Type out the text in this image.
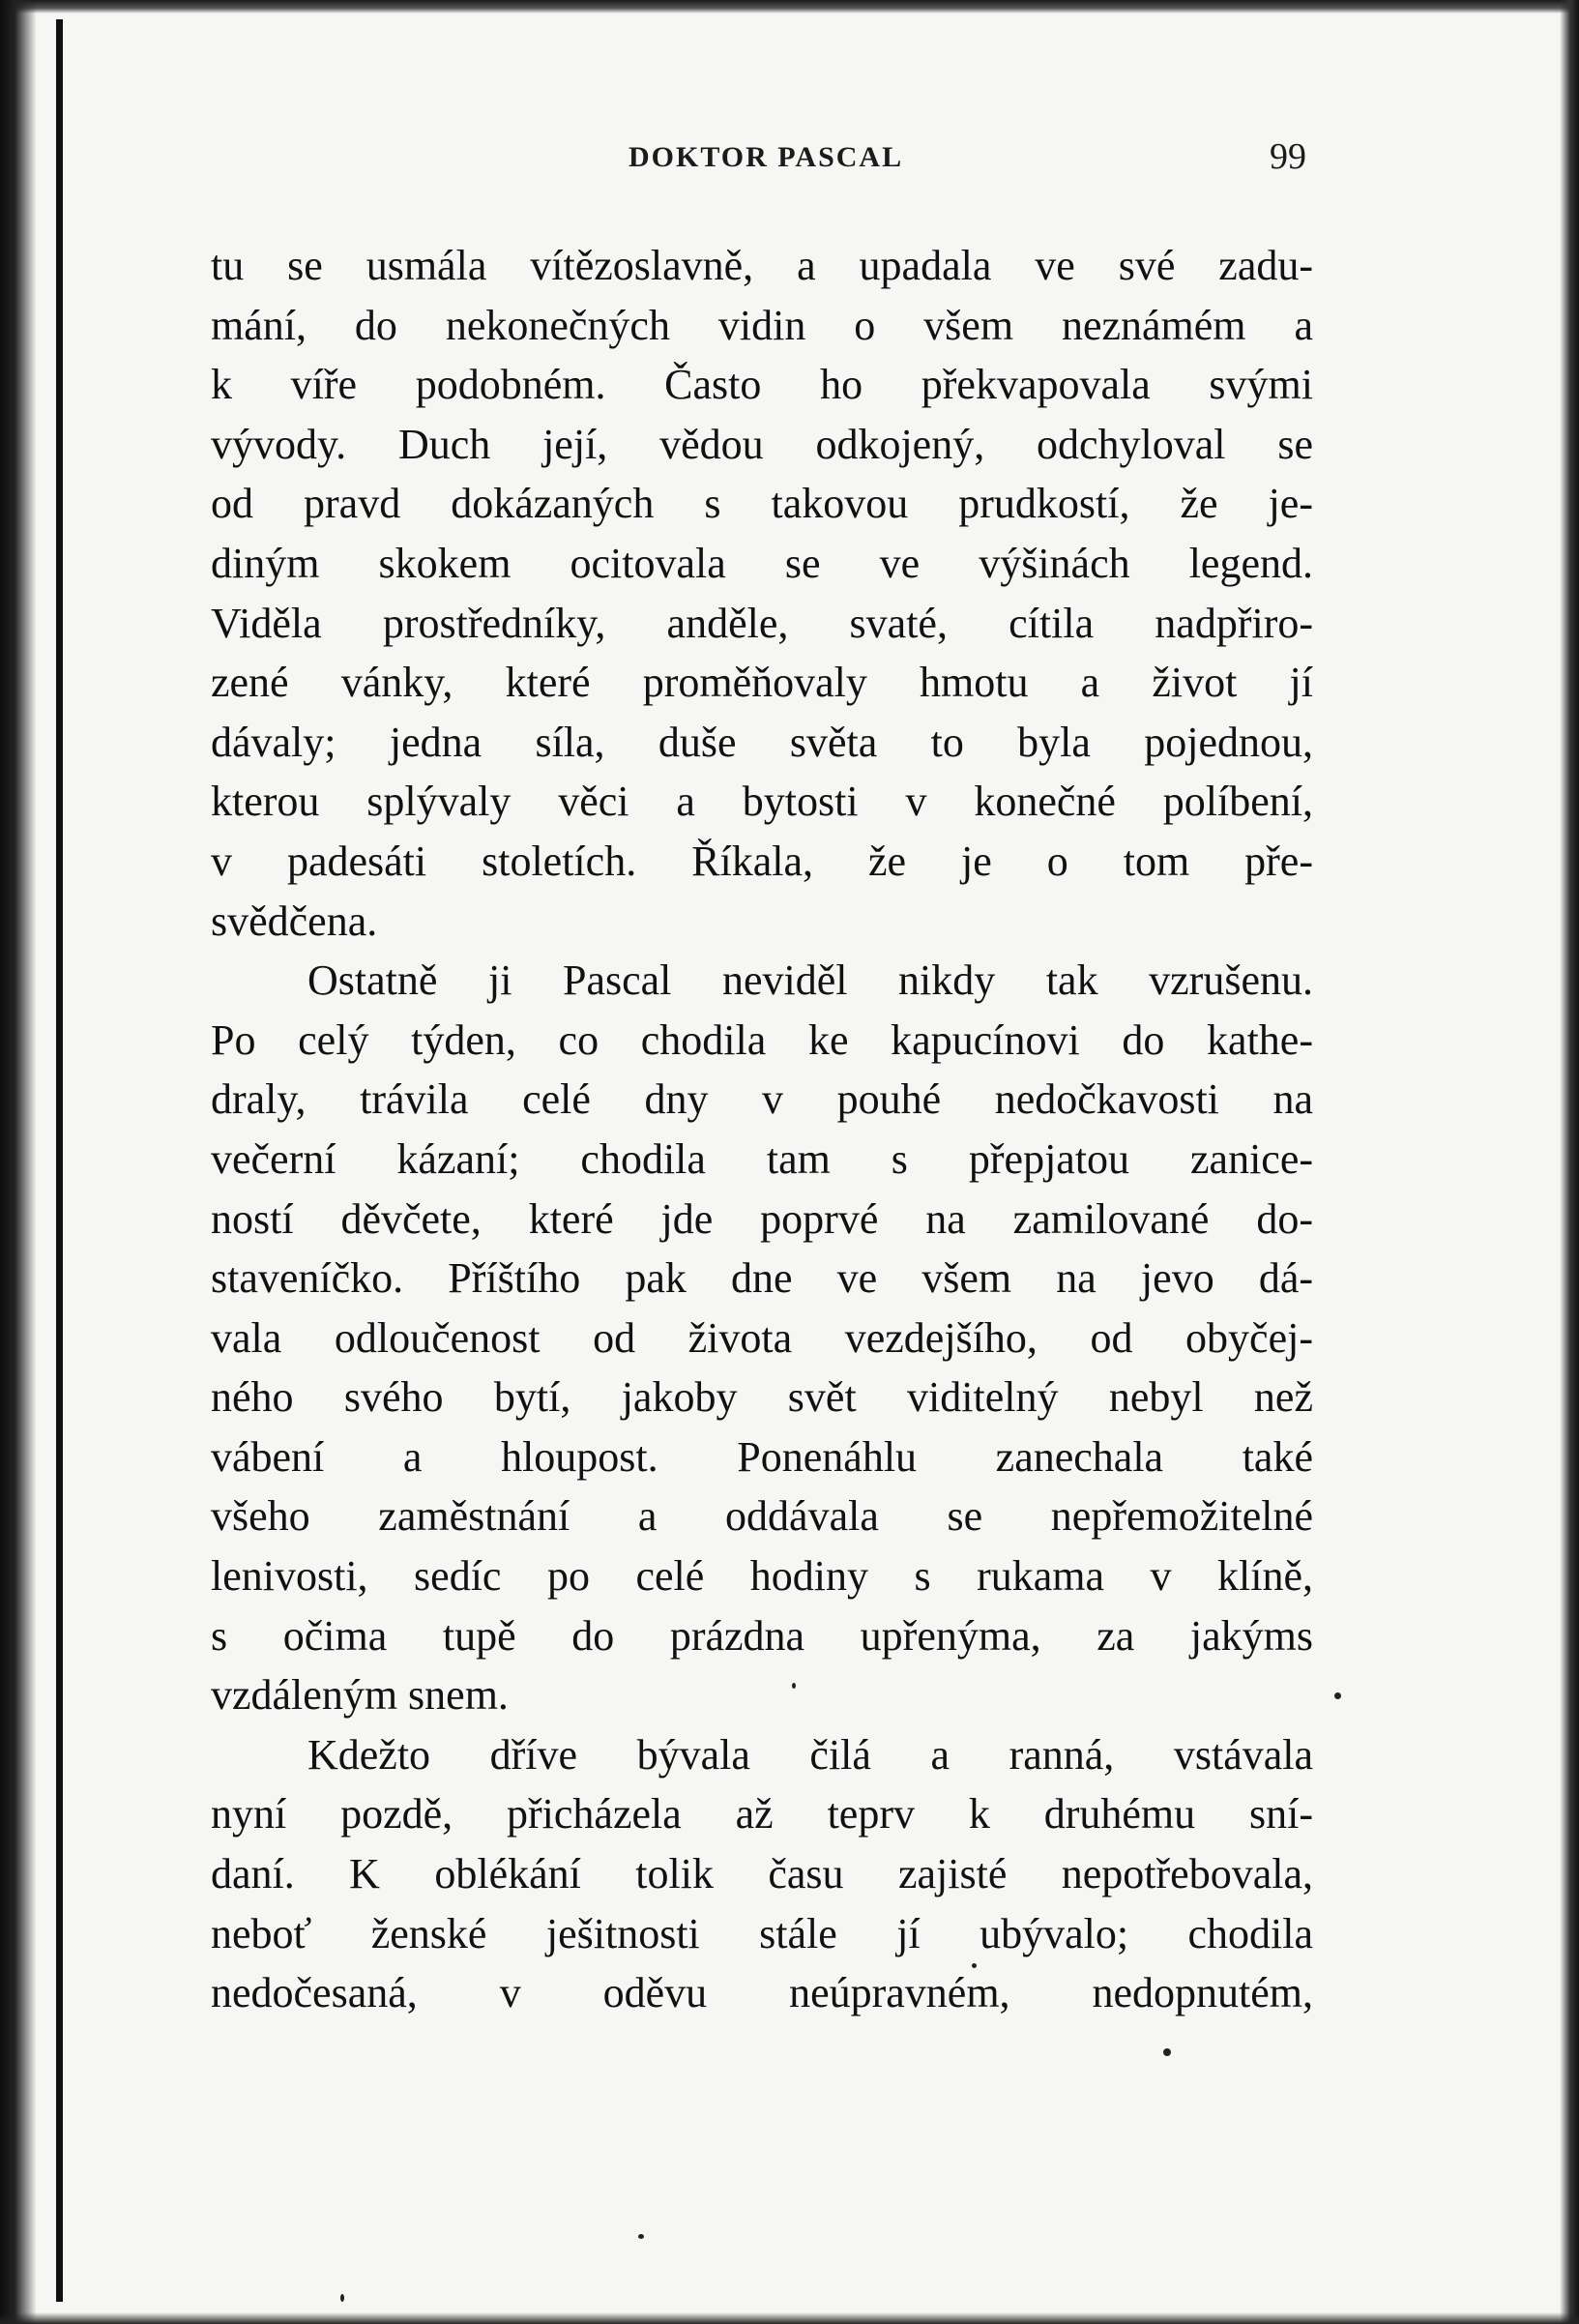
DOKTOR PASCAL	99
tu se usmála vítězoslavně, a upadala ve své zadu-
mání, do nekonečných vidin o všem neznámém a
k víře podobném. Často ho překvapovala svými
vývody. Duch její, vědou odkojený, odchyloval se
od pravd dokázaných s takovou prudkostí, že je-
diným skokem ocitovala se ve výšinách legend.
Viděla prostředníky, anděle, svaté, cítila nadpřiro-
zené vánky, které proměňovaly hmotu a život jí
dávaly; jedna síla, duše světa to byla pojednou,
kterou splývaly věci a bytosti v konečné políbení,
v padesáti stoletích. Říkala, že je o tom pře-
svědčena.
Ostatně ji Pascal neviděl nikdy tak vzrušenu.
Po celý týden, co chodila ke kapucínovi do kathe-
draly, trávila celé dny v pouhé nedočkavosti na
večerní kázaní; chodila tam s přepjatou zanice-
ností děvčete, které jde poprvé na zamilované do-
staveníčko. Příštího pak dne ve všem na jevo dá-
vala odloučenost od života vezdejšího, od obyčej-
ného svého bytí, jakoby svět viditelný nebyl než
vábení a hloupost. Ponenáhlu zanechala také
všeho zaměstnání a oddávala se nepřemožitelné
lenivosti, sedíc po celé hodiny s rukama v klíně,
s očima tupě do prázdna upřenýma, za jakýms
vzdáleným snem.
Kdežto dříve bývala čilá a ranná, vstávala
nyní pozdě, přicházela až teprv k druhému sní-
daní. K oblékání tolik času zajisté nepotřebovala,
neboť ženské ješitnosti stále jí ubývalo; chodila
nedočesaná, v oděvu neúpravném, nedopnutém,
